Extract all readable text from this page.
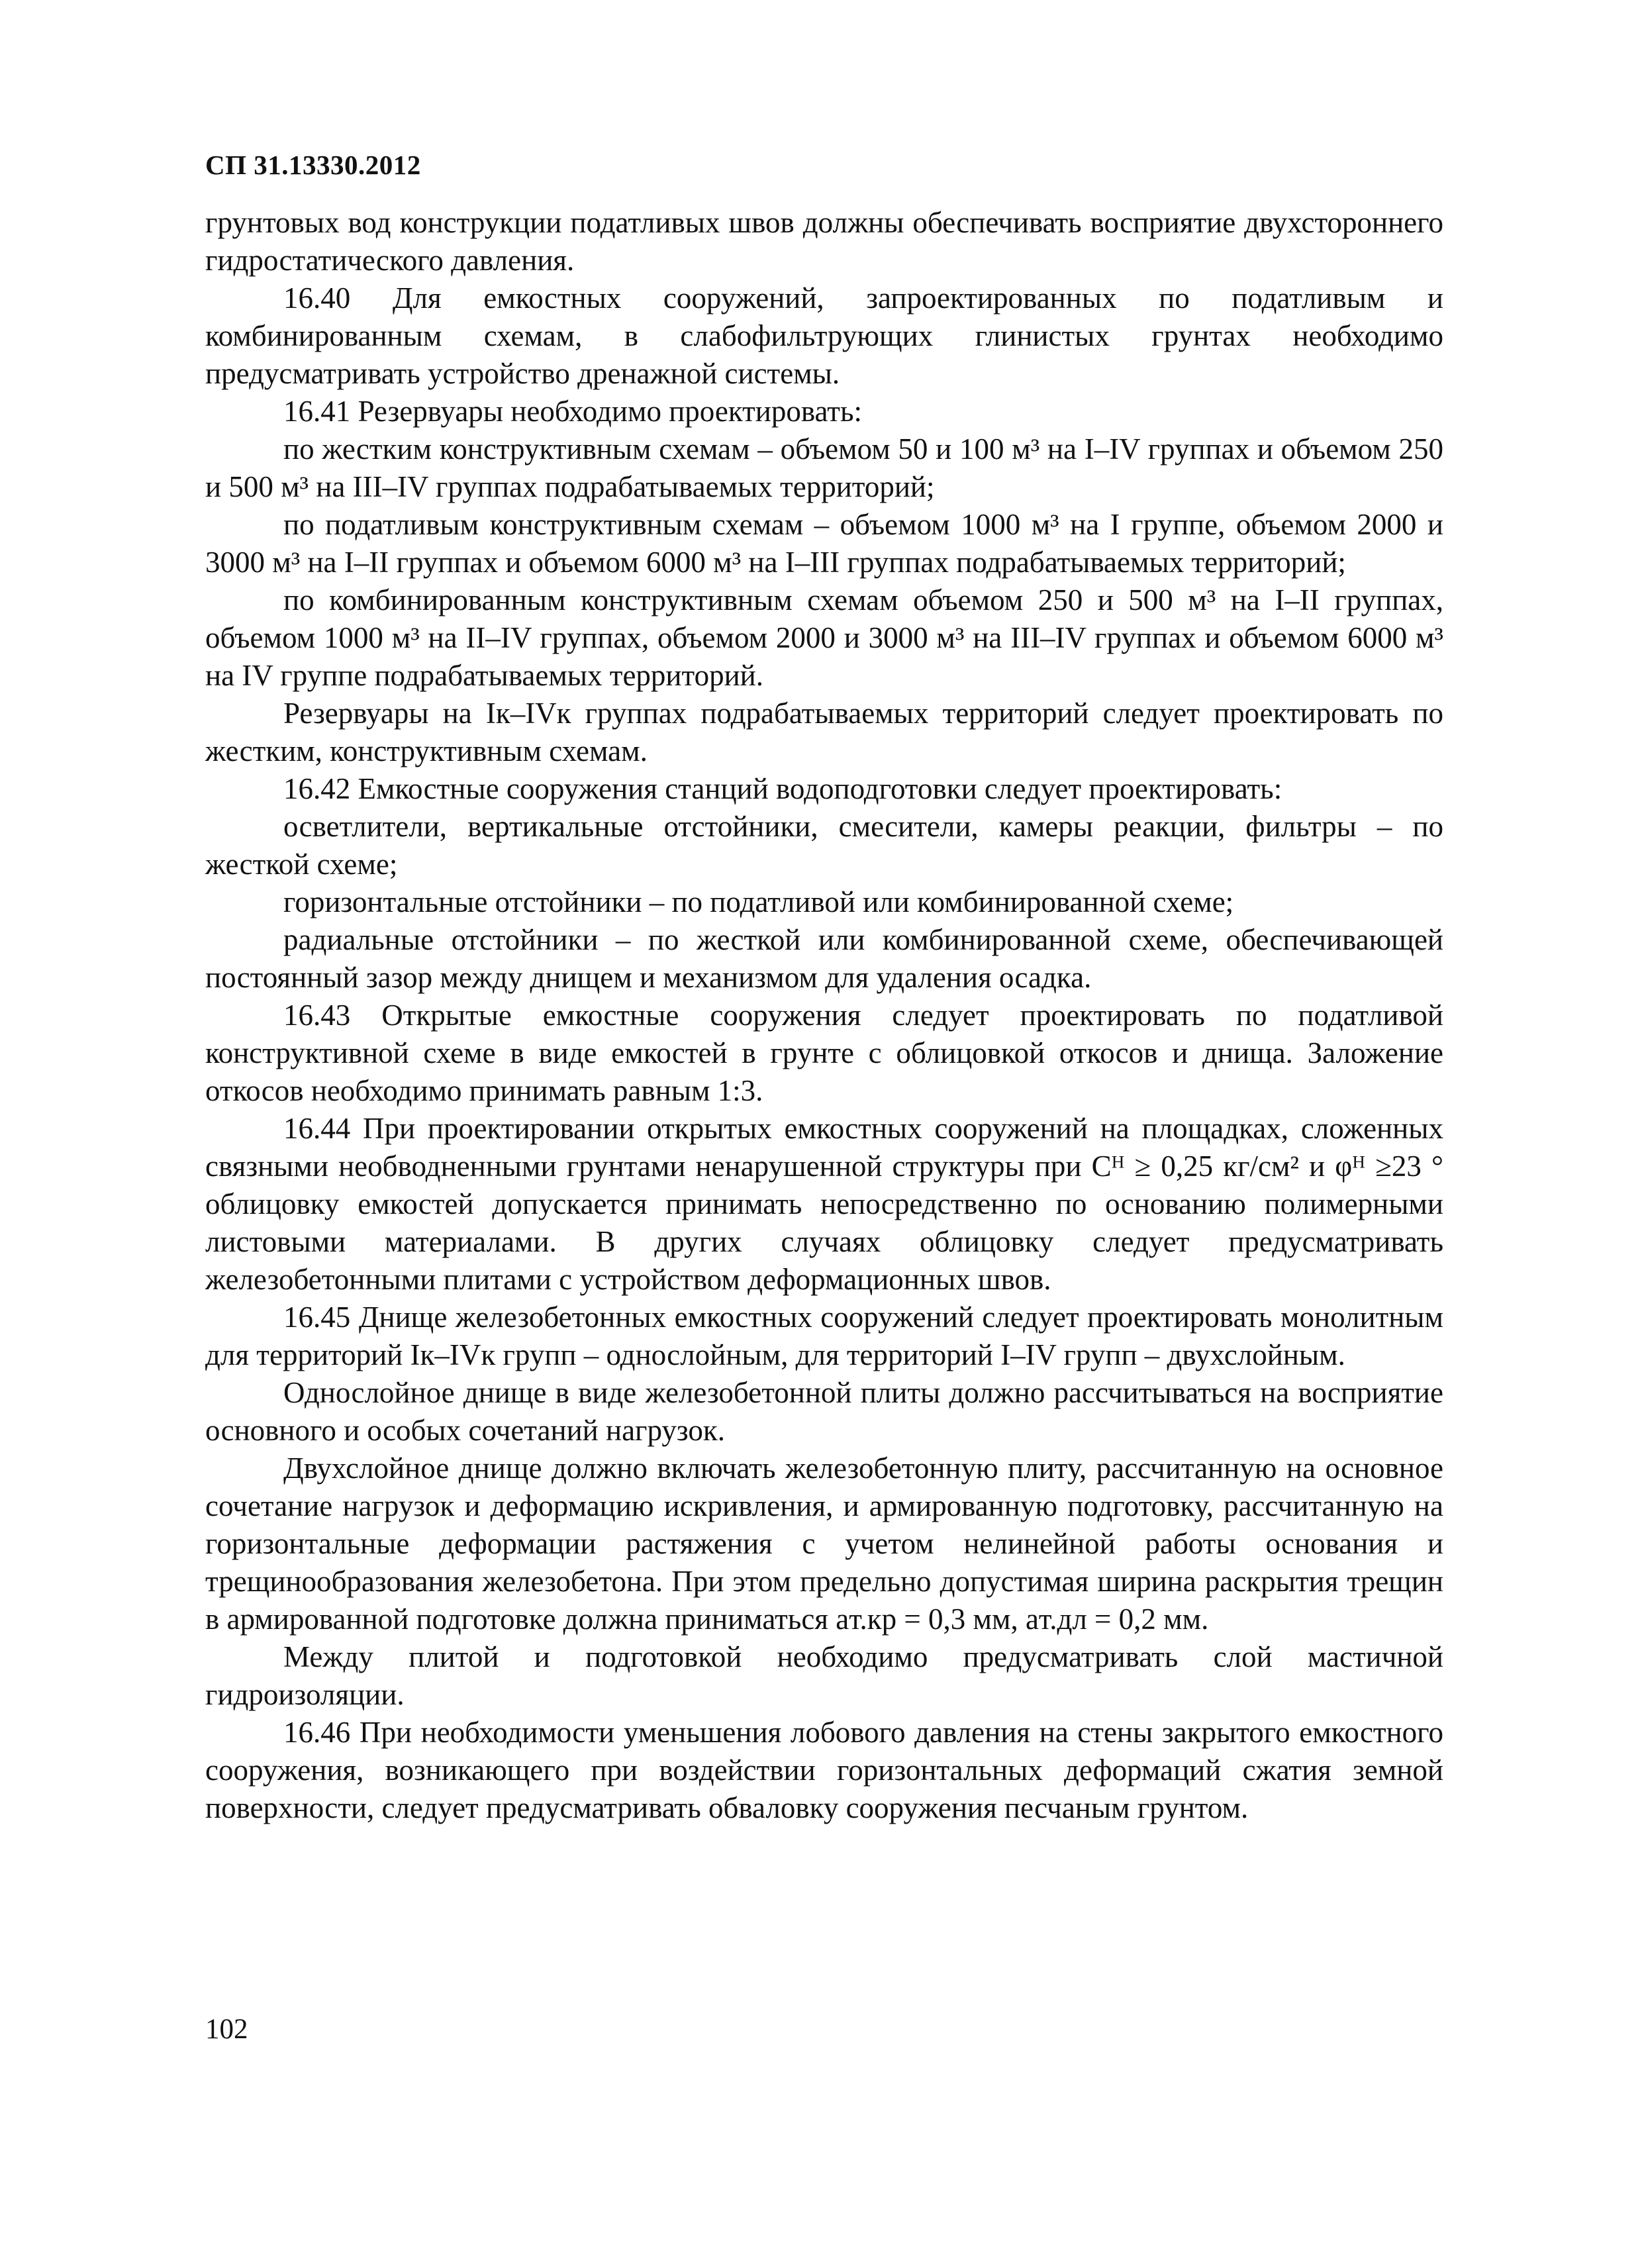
СП 31.13330.2012

грунтовых вод конструкции податливых швов должны обеспечивать восприятие двухстороннего гидростатического давления.

16.40 Для емкостных сооружений, запроектированных по податливым и комбинированным схемам, в слабофильтрующих глинистых грунтах необходимо предусматривать устройство дренажной системы.

16.41 Резервуары необходимо проектировать:

по жестким конструктивным схемам – объемом 50 и 100 м³ на I–IV группах и объемом 250 и 500 м³ на III–IV группах подрабатываемых территорий;

по податливым конструктивным схемам – объемом 1000 м³ на I группе, объемом 2000 и 3000 м³ на I–II группах и объемом 6000 м³ на I–III группах подрабатываемых территорий;

по комбинированным конструктивным схемам объемом 250 и 500 м³ на I–II группах, объемом 1000 м³ на II–IV группах, объемом 2000 и 3000 м³ на III–IV группах и объемом 6000 м³ на IV группе подрабатываемых территорий.

Резервуары на Iк–IVк группах подрабатываемых территорий следует проектировать по жестким, конструктивным схемам.

16.42 Емкостные сооружения станций водоподготовки следует проектировать:

осветлители, вертикальные отстойники, смесители, камеры реакции, фильтры – по жесткой схеме;

горизонтальные отстойники – по податливой или комбинированной схеме;

радиальные отстойники – по жесткой или комбинированной схеме, обеспечивающей постоянный зазор между днищем и механизмом для удаления осадка.

16.43 Открытые емкостные сооружения следует проектировать по податливой конструктивной схеме в виде емкостей в грунте с облицовкой откосов и днища. Заложение откосов необходимо принимать равным 1:3.

16.44 При проектировании открытых емкостных сооружений на площадках, сложенных связными необводненными грунтами ненарушенной структуры при Cᴴ ≥ 0,25 кг/см² и φᴴ ≥23 ° облицовку емкостей допускается принимать непосредственно по основанию полимерными листовыми материалами. В других случаях облицовку следует предусматривать железобетонными плитами с устройством деформационных швов.

16.45 Днище железобетонных емкостных сооружений следует проектировать монолитным для территорий Iк–IVк групп – однослойным, для территорий I–IV групп – двухслойным.

Однослойное днище в виде железобетонной плиты должно рассчитываться на восприятие основного и особых сочетаний нагрузок.

Двухслойное днище должно включать железобетонную плиту, рассчитанную на основное сочетание нагрузок и деформацию искривления, и армированную подготовку, рассчитанную на горизонтальные деформации растяжения с учетом нелинейной работы основания и трещинообразования железобетона. При этом предельно допустимая ширина раскрытия трещин в армированной подготовке должна приниматься aт.кр = 0,3 мм, aт.дл = 0,2 мм.

Между плитой и подготовкой необходимо предусматривать слой мастичной гидроизоляции.

16.46 При необходимости уменьшения лобового давления на стены закрытого емкостного сооружения, возникающего при воздействии горизонтальных деформаций сжатия земной поверхности, следует предусматривать обваловку сооружения песчаным грунтом.

102
